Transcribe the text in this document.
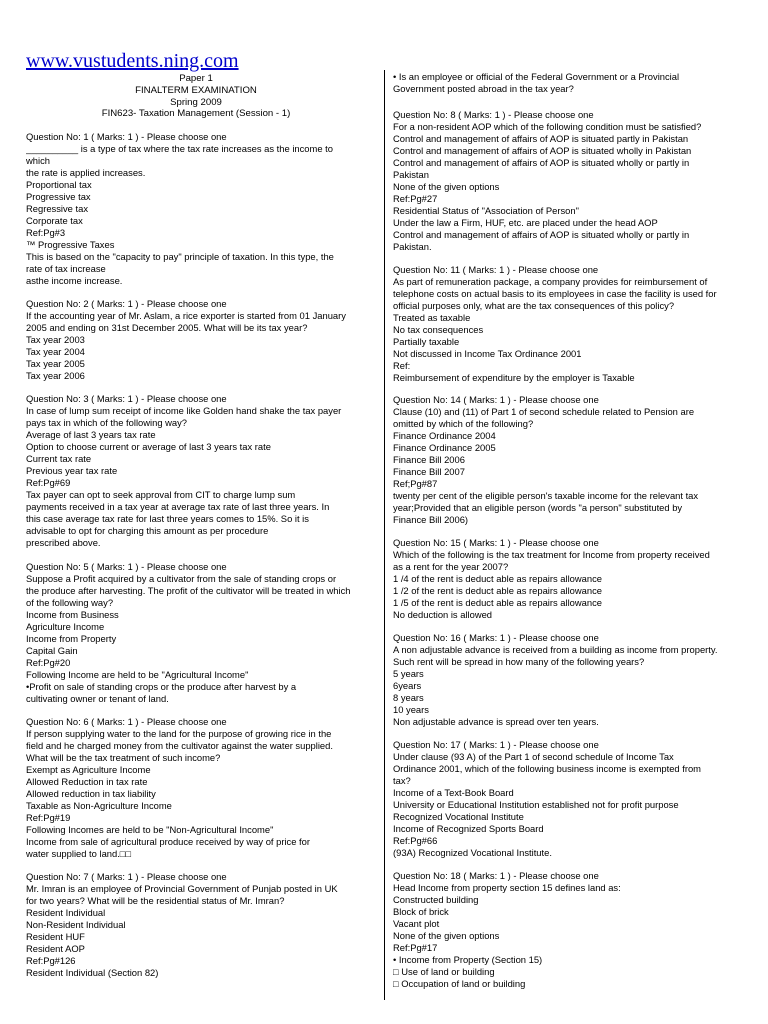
www.vustudents.ning.com
Paper 1
FINALTERM EXAMINATION
Spring 2009
FIN623- Taxation Management (Session - 1)
Question No: 1 ( Marks: 1 ) - Please choose one
__________ is a type of tax where the tax rate increases as the income to
which
the rate is applied increases.
Proportional tax
Progressive tax
Regressive tax
Corporate tax
Ref:Pg#3
™ Progressive Taxes
This is based on the "capacity to pay" principle of taxation. In this type, the
rate of tax increase
asthe income increase.
Question No: 2 ( Marks: 1 ) - Please choose one
If the accounting year of Mr. Aslam, a rice exporter is started from 01 January
2005 and ending on 31st December 2005. What will be its tax year?
Tax year 2003
Tax year 2004
Tax year 2005
Tax year 2006
Question No: 3 ( Marks: 1 ) - Please choose one
In case of lump sum receipt of income like Golden hand shake the tax payer
pays tax in which of the following way?
Average of last 3 years tax rate
Option to choose current or average of last 3 years tax rate
Current tax rate
Previous year tax rate
Ref:Pg#69
Tax payer can opt to seek approval from CIT to charge lump sum
payments received in a tax year at average tax rate of last three years. In
this case average tax rate for last three years comes to 15%. So it is
advisable to opt for charging this amount as per procedure
prescribed above.
Question No: 5 ( Marks: 1 ) - Please choose one
Suppose a Profit acquired by a cultivator from the sale of standing crops or
the produce after harvesting. The profit of the cultivator will be treated in which
of the following way?
Income from Business
Agriculture Income
Income from Property
Capital Gain
Ref:Pg#20
Following Income are held to be "Agricultural Income"
•Profit on sale of standing crops or the produce after harvest by a
cultivating owner or tenant of land.
Question No: 6 ( Marks: 1 ) - Please choose one
If person supplying water to the land for the purpose of growing rice in the
field and he charged money from the cultivator against the water supplied.
What will be the tax treatment of such income?
Exempt as Agriculture Income
Allowed Reduction in tax rate
Allowed reduction in tax liability
Taxable as Non-Agriculture Income
Ref:Pg#19
Following Incomes are held to be "Non-Agricultural Income"
Income from sale of agricultural produce received by way of price for
water supplied to land.□□
Question No: 7 ( Marks: 1 ) - Please choose one
Mr. Imran is an employee of Provincial Government of Punjab posted in UK
for two years? What will be the residential status of Mr. Imran?
Resident Individual
Non-Resident Individual
Resident HUF
Resident AOP
Ref:Pg#126
Resident Individual (Section 82)
• Is an employee or official of the Federal Government or a Provincial
Government posted abroad in the tax year?
Question No: 8 ( Marks: 1 ) - Please choose one
For a non-resident AOP which of the following condition must be satisfied?
Control and management of affairs of AOP is situated partly in Pakistan
Control and management of affairs of AOP is situated wholly in Pakistan
Control and management of affairs of AOP is situated wholly or partly in
Pakistan
None of the given options
Ref:Pg#27
Residential Status of "Association of Person"
Under the law a Firm, HUF, etc. are placed under the head AOP
Control and management of affairs of AOP is situated wholly or partly in
Pakistan.
Question No: 11 ( Marks: 1 ) - Please choose one
As part of remuneration package, a company provides for reimbursement of
telephone costs on actual basis to its employees in case the facility is used for
official purposes only, what are the tax consequences of this policy?
Treated as taxable
No tax consequences
Partially taxable
Not discussed in Income Tax Ordinance 2001
Ref:
Reimbursement of expenditure by the employer is Taxable
Question No: 14 ( Marks: 1 ) - Please choose one
Clause (10) and (11) of Part 1 of second schedule related to Pension are
omitted by which of the following?
Finance Ordinance 2004
Finance Ordinance 2005
Finance Bill 2006
Finance Bill 2007
Ref;Pg#87
twenty per cent of the eligible person's taxable income for the relevant tax
year;Provided that an eligible person (words "a person" substituted by
Finance Bill 2006)
Question No: 15 ( Marks: 1 ) - Please choose one
Which of the following is the tax treatment for Income from property received
as a rent for the year 2007?
1 /4 of the rent is deduct able as repairs allowance
1 /2 of the rent is deduct able as repairs allowance
1 /5 of the rent is deduct able as repairs allowance
No deduction is allowed
Question No: 16 ( Marks: 1 ) - Please choose one
A non adjustable advance is received from a building as income from property.
Such rent will be spread in how many of the following years?
5 years
6years
8 years
10 years
Non adjustable advance is spread over ten years.
Question No: 17 ( Marks: 1 ) - Please choose one
Under clause (93 A) of the Part 1 of second schedule of Income Tax
Ordinance 2001, which of the following business income is exempted from
tax?
Income of a Text-Book Board
University or Educational Institution established not for profit purpose
Recognized Vocational Institute
Income of Recognized Sports Board
Ref:Pg#66
(93A) Recognized Vocational Institute.
Question No: 18 ( Marks: 1 ) - Please choose one
Head Income from property section 15 defines land as:
Constructed building
Block of brick
Vacant plot
None of the given options
Ref:Pg#17
• Income from Property (Section 15)
□ Use of land or building
□ Occupation of land or building
